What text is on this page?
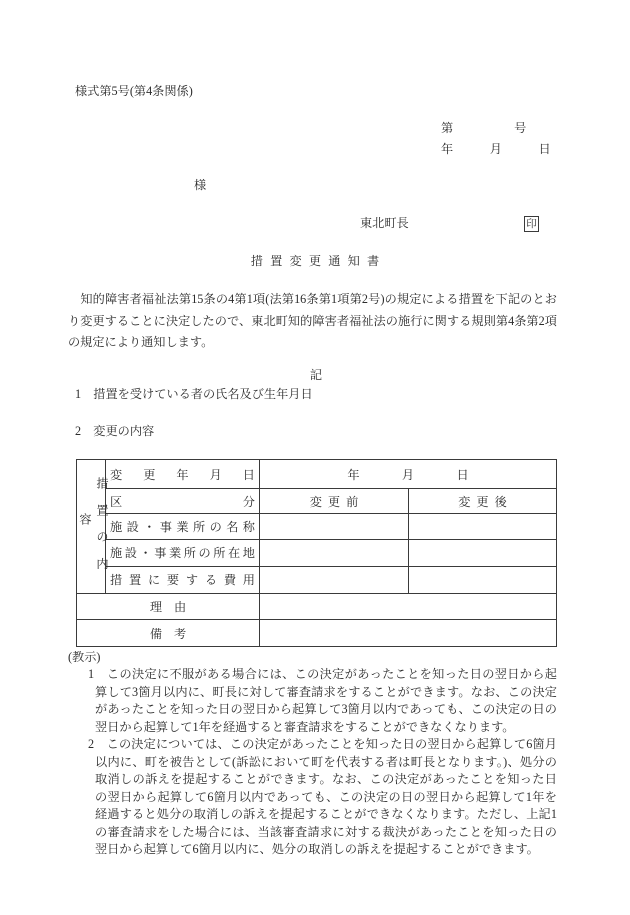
様式第5号(第4条関係)
第　　　　　号
年　　　月　　　日
様
東北町長	印
措置変更通知書
　知的障害者福祉法第15条の4第1項(法第16条第1項第2号)の規定による措置を下記のとおり変更することに決定したので、東北町知的障害者福祉法の施行に関する規則第4条第2項の規定により通知します。
記
1　措置を受けている者の氏名及び生年月日
2　変更の内容
措置の内容	変更年月日	年　　月　　日	

	区分	変更前	変更後

	施設・事業所の名称		

	施設・事業所の所在地		

	措置に要する費用		

理由			

備考			

(教示)

1　この決定に不服がある場合には、この決定があったことを知った日の翌日から起算して3箇月以内に、町長に対して審査請求をすることができます。なお、この決定があったことを知った日の翌日から起算して3箇月以内であっても、この決定の日の翌日から起算して1年を経過すると審査請求をすることができなくなります。

2　この決定については、この決定があったことを知った日の翌日から起算して6箇月以内に、町を被告として(訴訟において町を代表する者は町長となります。)、処分の取消しの訴えを提起することができます。なお、この決定があったことを知った日の翌日から起算して6箇月以内であっても、この決定の日の翌日から起算して1年を経過すると処分の取消しの訴えを提起することができなくなります。ただし、上記1の審査請求をした場合には、当該審査請求に対する裁決があったことを知った日の翌日から起算して6箇月以内に、処分の取消しの訴えを提起することができます。
